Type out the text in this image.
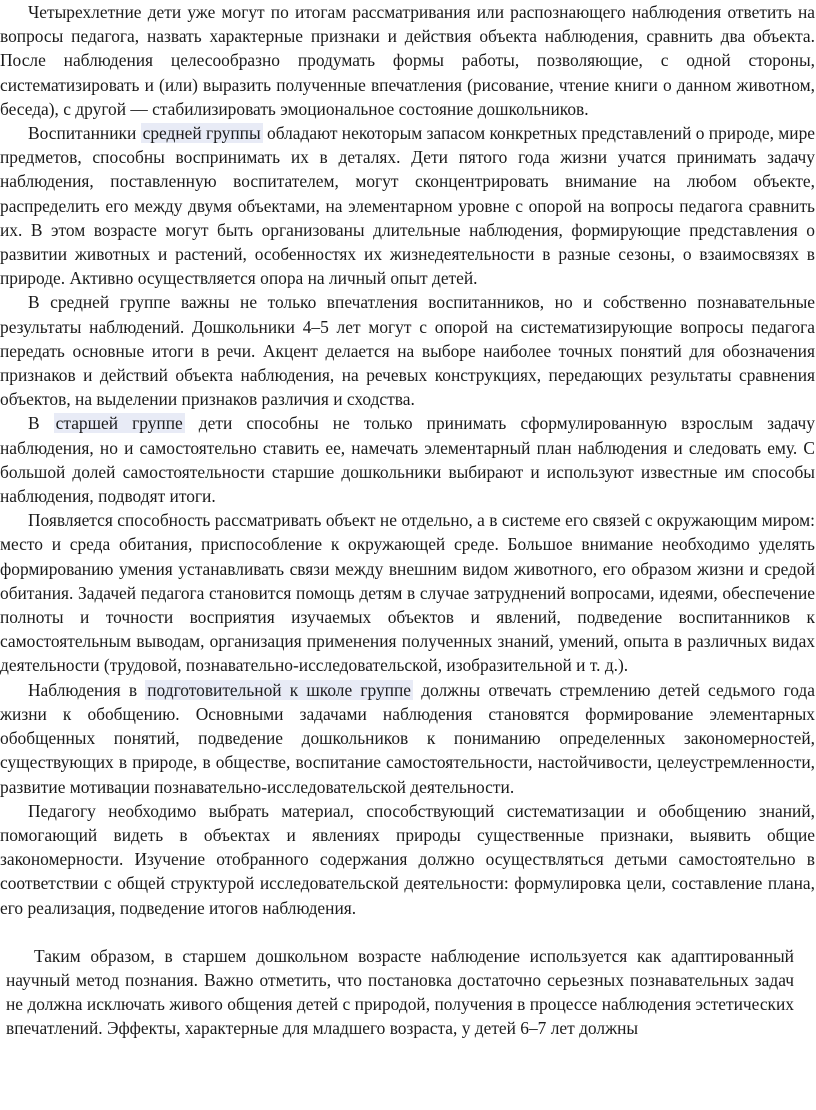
Четырехлетние дети уже могут по итогам рассматривания или распознающего наблюдения ответить на вопросы педагога, назвать характерные признаки и действия объекта наблюдения, сравнить два объекта. После наблюдения целесообразно продумать формы работы, позволяющие, с одной стороны, систематизировать и (или) выразить полученные впечатления (рисование, чтение книги о данном животном, беседа), с другой — стабилизировать эмоциональное состояние дошкольников.

Воспитанники средней группы обладают некоторым запасом конкретных представлений о природе, мире предметов, способны воспринимать их в деталях. Дети пятого года жизни учатся принимать задачу наблюдения, поставленную воспитателем, могут сконцентрировать внимание на любом объекте, распределить его между двумя объектами, на элементарном уровне с опорой на вопросы педагога сравнить их. В этом возрасте могут быть организованы длительные наблюдения, формирующие представления о развитии животных и растений, особенностях их жизнедеятельности в разные сезоны, о взаимосвязях в природе. Активно осуществляется опора на личный опыт детей.

В средней группе важны не только впечатления воспитанников, но и собственно познавательные результаты наблюдений. Дошкольники 4–5 лет могут с опорой на систематизирующие вопросы педагога передать основные итоги в речи. Акцент делается на выборе наиболее точных понятий для обозначения признаков и действий объекта наблюдения, на речевых конструкциях, передающих результаты сравнения объектов, на выделении признаков различия и сходства.

В старшей группе дети способны не только принимать сформулированную взрослым задачу наблюдения, но и самостоятельно ставить ее, намечать элементарный план наблюдения и следовать ему. С большой долей самостоятельности старшие дошкольники выбирают и используют известные им способы наблюдения, подводят итоги.

Появляется способность рассматривать объект не отдельно, а в системе его связей с окружающим миром: место и среда обитания, приспособление к окружающей среде. Большое внимание необходимо уделять формированию умения устанавливать связи между внешним видом животного, его образом жизни и средой обитания. Задачей педагога становится помощь детям в случае затруднений вопросами, идеями, обеспечение полноты и точности восприятия изучаемых объектов и явлений, подведение воспитанников к самостоятельным выводам, организация применения полученных знаний, умений, опыта в различных видах деятельности (трудовой, познавательно-исследовательской, изобразительной и т. д.).

Наблюдения в подготовительной к школе группе должны отвечать стремлению детей седьмого года жизни к обобщению. Основными задачами наблюдения становятся формирование элементарных обобщенных понятий, подведение дошкольников к пониманию определенных закономерностей, существующих в природе, в обществе, воспитание самостоятельности, настойчивости, целеустремленности, развитие мотивации познавательно-исследовательской деятельности.

Педагогу необходимо выбрать материал, способствующий систематизации и обобщению знаний, помогающий видеть в объектах и явлениях природы существенные признаки, выявить общие закономерности. Изучение отобранного содержания должно осуществляться детьми самостоятельно в соответствии с общей структурой исследовательской деятельности: формулировка цели, составление плана, его реализация, подведение итогов наблюдения.

Таким образом, в старшем дошкольном возрасте наблюдение используется как адаптированный научный метод познания. Важно отметить, что постановка достаточно серьезных познавательных задач не должна исключать живого общения детей с природой, получения в процессе наблюдения эстетических впечатлений. Эффекты, характерные для младшего возраста, у детей 6–7 лет должны
